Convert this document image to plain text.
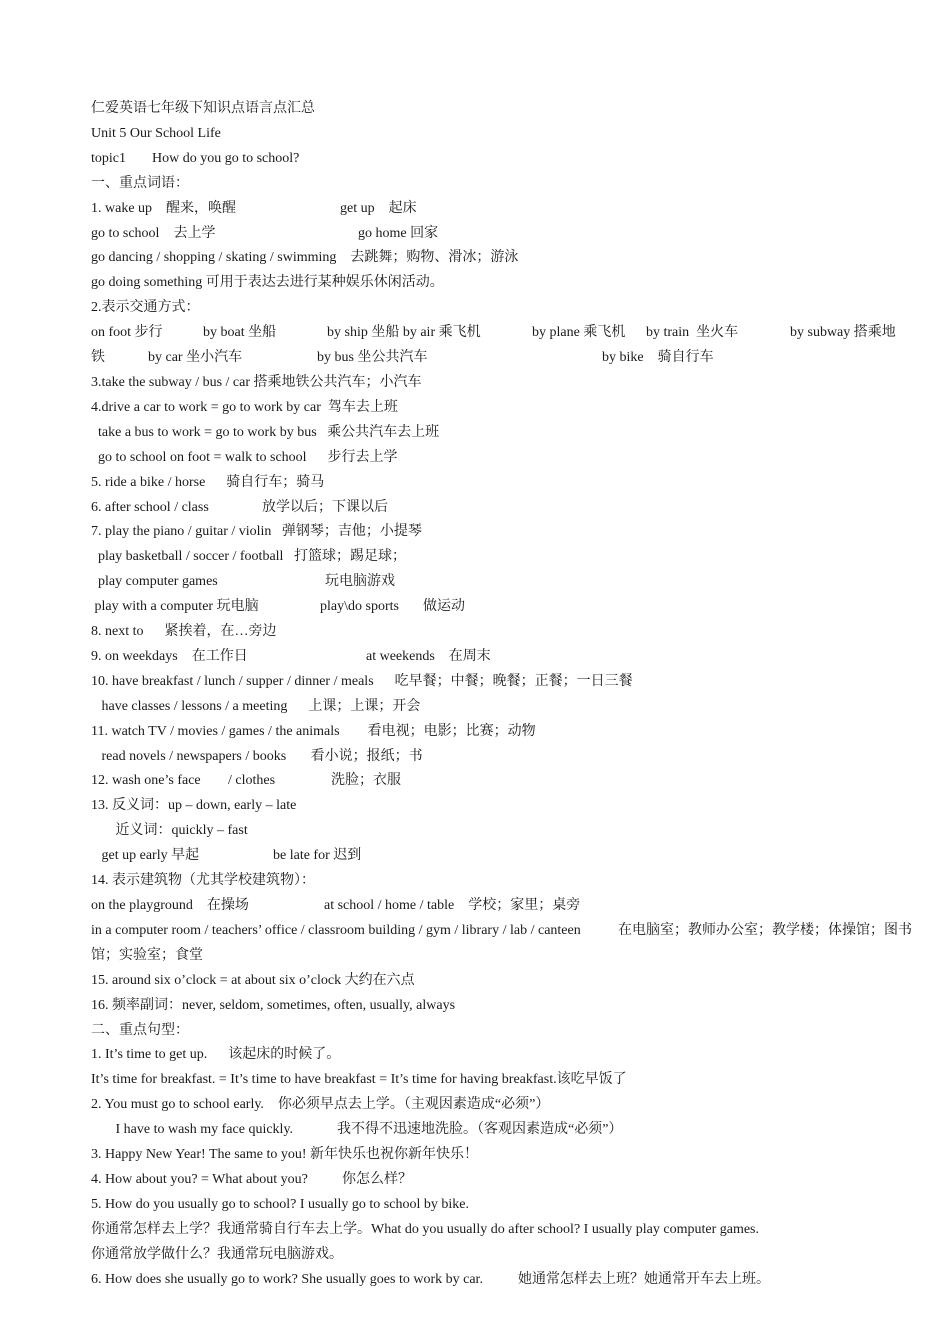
仁爱英语七年级下知识点语言点汇总
Unit 5 Our School Life
topic1 How do you go to school?
一、重点词语：
1. wake up    醒来，唤醒	get up    起床
go to school    去上学	go home 回家
go dancing / shopping / skating / swimming    去跳舞；购物、滑冰；游泳
go doing something 可用于表达去进行某种娱乐休闲活动。
2.表示交通方式：
on foot 步行	by boat 坐船	by ship 坐船 by air 乘飞机	by plane 乘飞机 by train  坐火车	by subway 搭乘地
铁	by car 坐小汽车	by bus 坐公共汽车	by bike    骑自行车
3.take the subway / bus / car 搭乘地铁公共汽车；小汽车
4.drive a car to work = go to work by car  驾车去上班
take a bus to work = go to work by bus   乘公共汽车去上班
go to school on foot = walk to school      步行去上学
5. ride a bike / horse      骑自行车；骑马
6. after school / class	放学以后；下课以后
7. play the piano / guitar / violin   弹钢琴；吉他；小提琴
play basketball / soccer / football   打篮球；踢足球；
play computer games	玩电脑游戏
play with a computer 玩电脑	play\do sports 做运动
8. next to      紧挨着，在…旁边
9. on weekdays    在工作日	at weekends    在周末
10. have breakfast / lunch / supper / dinner / meals      吃早餐；中餐；晚餐；正餐；一日三餐
have classes / lessons / a meeting      上课；上课；开会
11. watch TV / movies / games / the animals        看电视；电影；比赛；动物
read novels / newspapers / books       看小说；报纸；书
12. wash one’s face / clothes	洗脸；衣服
13. 反义词：up – down, early – late
近义词：quickly – fast
get up early 早起	be late for 迟到
14. 表示建筑物（尤其学校建筑物）：
on the playground    在操场	at school / home / table    学校；家里；桌旁
in a computer room / teachers’ office / classroom building / gym / library / lab / canteen	在电脑室；教师办公室；教学楼；体操馆；图书
馆；实验室；食堂
15. around six o’clock = at about six o’clock 大约在六点
16. 频率副词：never, seldom, sometimes, often, usually, always
二、重点句型：
1. It’s time to get up.      该起床的时候了。
It’s time for breakfast. = It’s time to have breakfast = It’s time for having breakfast.该吃早饭了
2. You must go to school early.    你必须早点去上学。（主观因素造成“必须”）
I have to wash my face quickly.	我不得不迅速地洗脸。（客观因素造成“必须”）
3. Happy New Year! The same to you! 新年快乐也祝你新年快乐！
4. How about you? = What about you? 你怎么样？
5. How do you usually go to school? I usually go to school by bike.
你通常怎样去上学？我通常骑自行车去上学。What do you usually do after school? I usually play computer games.
你通常放学做什么？我通常玩电脑游戏。
6. How does she usually go to work? She usually goes to work by car.	她通常怎样去上班？她通常开车去上班。
